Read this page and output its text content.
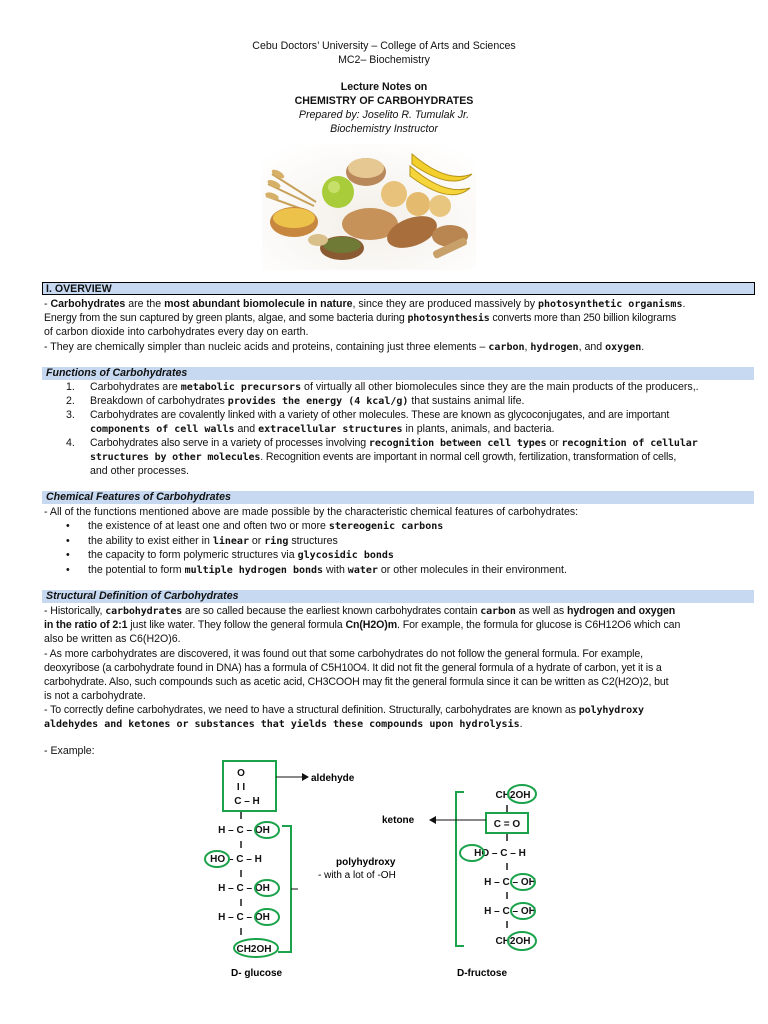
Cebu Doctors’ University – College of Arts and Sciences
MC2– Biochemistry
Lecture Notes on
CHEMISTRY OF CARBOHYDRATES
Prepared by: Joselito R. Tumulak Jr.
Biochemistry Instructor
I. OVERVIEW
- Carbohydrates are the most abundant biomolecule in nature, since they are produced massively by photosynthetic organisms.
Energy from the sun captured by green plants, algae, and some bacteria during photosynthesis converts more than 250 billion kilograms
of carbon dioxide into carbohydrates every day on earth.
- They are chemically simpler than nucleic acids and proteins, containing just three elements – carbon, hydrogen, and oxygen.
Functions of Carbohydrates
1.	Carbohydrates are metabolic precursors of virtually all other biomolecules since they are the main products of the producers,.
2.	Breakdown of carbohydrates provides the energy (4 kcal/g) that sustains animal life.
3.	Carbohydrates are covalently linked with a variety of other molecules. These are known as glycoconjugates, and are important
components of cell walls and extracellular structures in plants, animals, and bacteria.
4.	Carbohydrates also serve in a variety of processes involving recognition between cell types or recognition of cellular
structures by other molecules. Recognition events are important in normal cell growth, fertilization, transformation of cells,
and other processes.
Chemical Features of Carbohydrates
- All of the functions mentioned above are made possible by the characteristic chemical features of carbohydrates:
• the existence of at least one and often two or more stereogenic carbons
• the ability to exist either in linear or ring structures
• the capacity to form polymeric structures via glycosidic bonds
• the potential to form multiple hydrogen bonds with water or other molecules in their environment.
Structural Definition of Carbohydrates
- Historically, carbohydrates are so called because the earliest known carbohydrates contain carbon as well as hydrogen and oxygen
in the ratio of 2:1 just like water. They follow the general formula Cn(H2O)m. For example, the formula for glucose is C6H12O6 which can
also be written as C6(H2O)6.
- As more carbohydrates are discovered, it was found out that some carbohydrates do not follow the general formula. For example,
deoxyribose (a carbohydrate found in DNA) has a formula of C5H10O4. It did not fit the general formula of a hydrate of carbon, yet it is a
carbohydrate. Also, such compounds such as acetic acid, CH3COOH may fit the general formula since it can be written as C2(H2O)2, but
is not a carbohydrate.
- To correctly define carbohydrates, we need to have a structural definition. Structurally, carbohydrates are known as polyhydroxy
aldehydes and ketones or substances that yields these compounds upon hydrolysis.
- Example:
O
I I
C – H
I
H – C – OH
I
HO – C – H
I
H – C – OH
I
H – C – OH
I
CH2OH
aldehyde
polyhydroxy
- with a lot of -OH
CH2OH
I
C = O
I
HO – C – H
I
H – C – OH
I
H – C – OH
I
CH2OH
ketone
D- glucose	D-fructose
